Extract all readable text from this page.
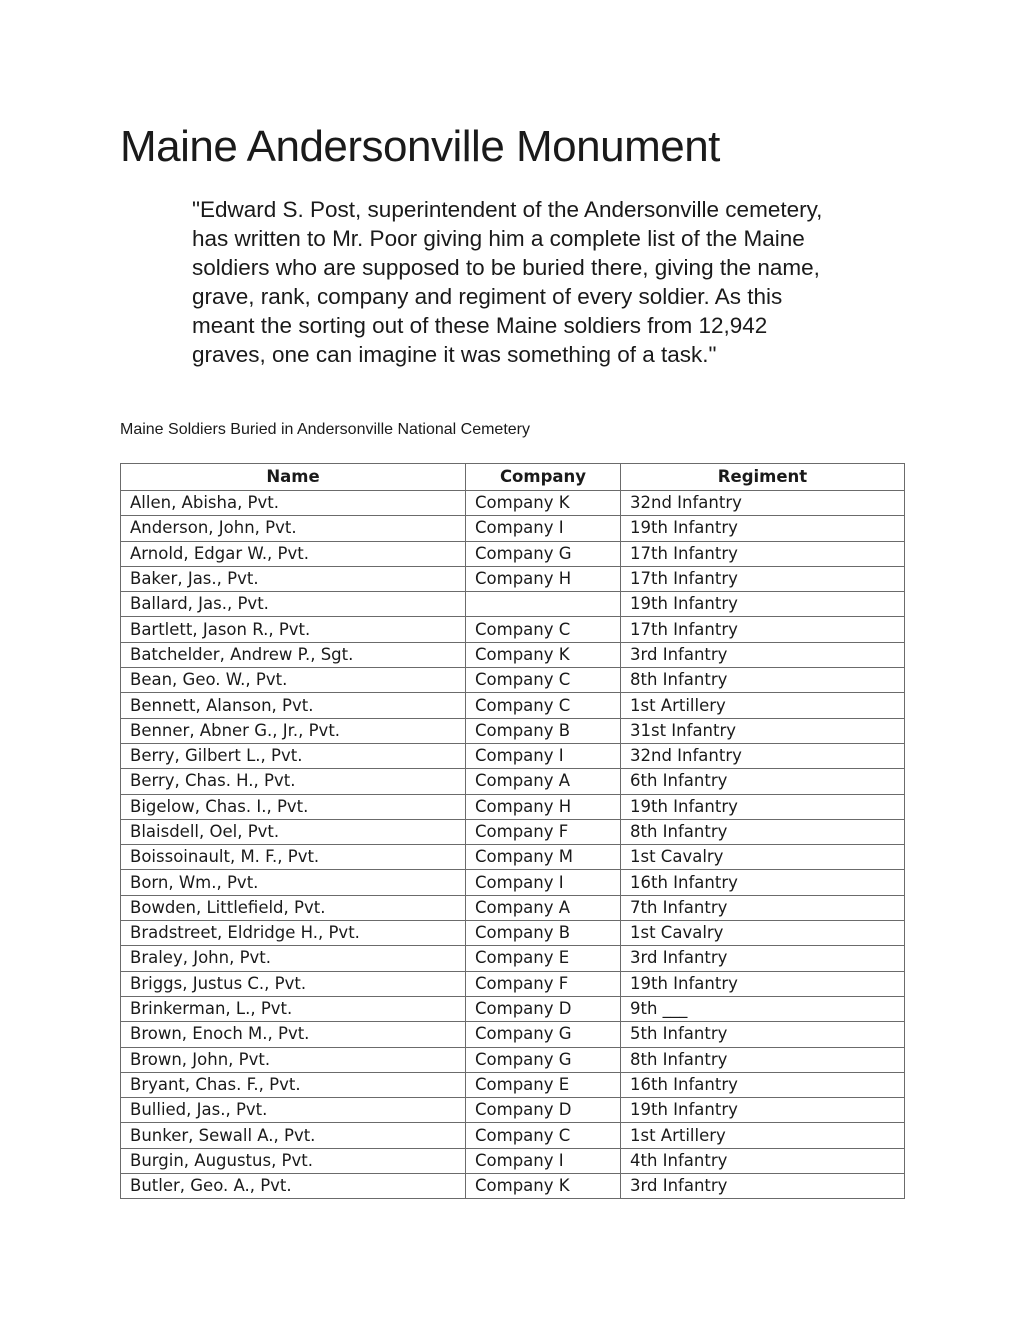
Maine Andersonville Monument

"Edward S. Post, superintendent of the Andersonville cemetery, has written to Mr. Poor giving him a complete list of the Maine soldiers who are supposed to be buried there, giving the name, grave, rank, company and regiment of every soldier. As this meant the sorting out of these Maine soldiers from 12,942 graves, one can imagine it was something of a task."

Maine Soldiers Buried in Andersonville National Cemetery

Name	Company	Regiment
Allen, Abisha, Pvt.	Company K	32nd Infantry
Anderson, John, Pvt.	Company I	19th Infantry
Arnold, Edgar W., Pvt.	Company G	17th Infantry
Baker, Jas., Pvt.	Company H	17th Infantry
Ballard, Jas., Pvt.		19th Infantry
Bartlett, Jason R., Pvt.	Company C	17th Infantry
Batchelder, Andrew P., Sgt.	Company K	3rd Infantry
Bean, Geo. W., Pvt.	Company C	8th Infantry
Bennett, Alanson, Pvt.	Company C	1st Artillery
Benner, Abner G., Jr., Pvt.	Company B	31st Infantry
Berry, Gilbert L., Pvt.	Company I	32nd Infantry
Berry, Chas. H., Pvt.	Company A	6th Infantry
Bigelow, Chas. I., Pvt.	Company H	19th Infantry
Blaisdell, Oel, Pvt.	Company F	8th Infantry
Boissoinault, M. F., Pvt.	Company M	1st Cavalry
Born, Wm., Pvt.	Company I	16th Infantry
Bowden, Littlefield, Pvt.	Company A	7th Infantry
Bradstreet, Eldridge H., Pvt.	Company B	1st Cavalry
Braley, John, Pvt.	Company E	3rd Infantry
Briggs, Justus C., Pvt.	Company F	19th Infantry
Brinkerman, L., Pvt.	Company D	9th ___
Brown, Enoch M., Pvt.	Company G	5th Infantry
Brown, John, Pvt.	Company G	8th Infantry
Bryant, Chas. F., Pvt.	Company E	16th Infantry
Bullied, Jas., Pvt.	Company D	19th Infantry
Bunker, Sewall A., Pvt.	Company C	1st Artillery
Burgin, Augustus, Pvt.	Company I	4th Infantry
Butler, Geo. A., Pvt.	Company K	3rd Infantry
